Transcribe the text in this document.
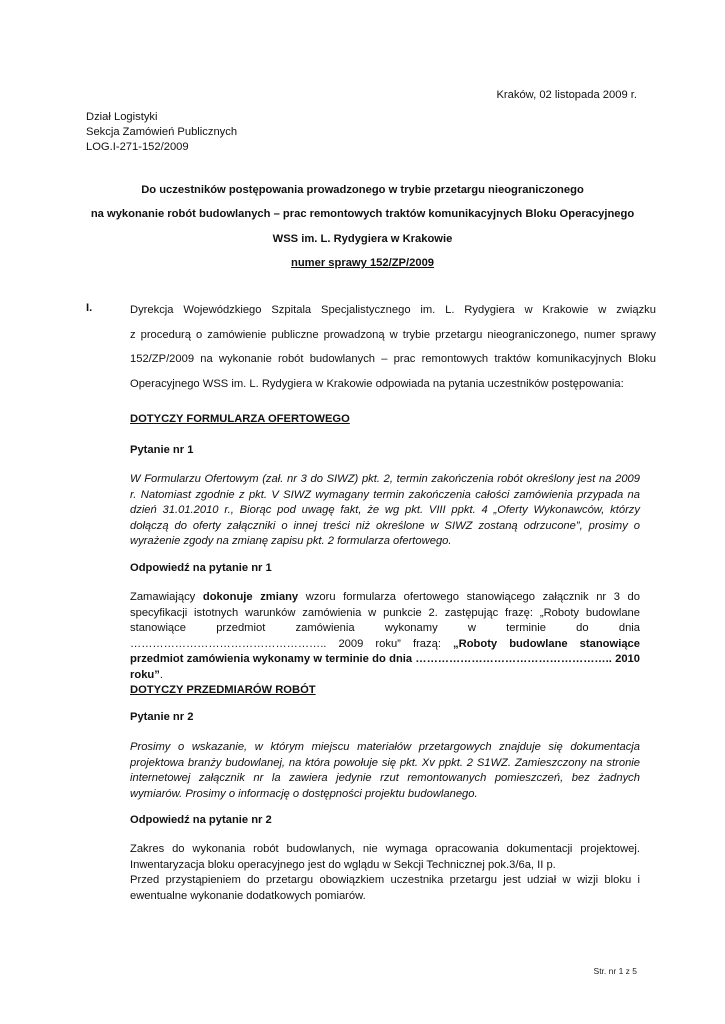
Kraków, 02 listopada 2009 r.
Dział Logistyki
Sekcja Zamówień Publicznych
LOG.I-271-152/2009
Do uczestników postępowania prowadzonego w trybie przetargu nieograniczonego
na wykonanie robót budowlanych – prac remontowych traktów komunikacyjnych Bloku Operacyjnego
WSS im. L. Rydygiera w Krakowie
numer sprawy 152/ZP/2009
I.	Dyrekcja Wojewódzkiego Szpitala Specjalistycznego im. L. Rydygiera w Krakowie w związku
z procedurą o zamówienie publiczne prowadzoną w trybie przetargu nieograniczonego, numer sprawy
152/ZP/2009 na wykonanie robót budowlanych – prac remontowych traktów komunikacyjnych Bloku
Operacyjnego WSS im. L. Rydygiera w Krakowie odpowiada na pytania uczestników postępowania:
DOTYCZY FORMULARZA OFERTOWEGO
Pytanie nr 1

W Formularzu Ofertowym (zał. nr 3 do SIWZ) pkt. 2, termin zakończenia robót określony jest na 2009 r. Natomiast zgodnie z pkt. V SIWZ wymagany termin zakończenia całości zamówienia przypada na dzień 31.01.2010 r., Biorąc pod uwagę fakt, że wg pkt. VIII ppkt. 4 „Oferty Wykonawców, którzy dołączą do oferty załączniki o innej treści niż określone w SIWZ zostaną odrzucone”, prosimy o wyrażenie zgody na zmianę zapisu pkt. 2 formularza ofertowego.

Odpowiedź na pytanie nr 1

Zamawiający dokonuje zmiany wzoru formularza ofertowego stanowiącego załącznik nr 3 do specyfikacji istotnych warunków zamówienia w punkcie 2. zastępując frazę: „Roboty budowlane stanowiące przedmiot zamówienia wykonamy w terminie do dnia …………………………………………….. 2009 roku” frazą: „Roboty budowlane stanowiące przedmiot zamówienia wykonamy w terminie do dnia …………………………………………….. 2010 roku”.

DOTYCZY PRZEDMIARÓW ROBÓT
Pytanie nr 2

Prosimy o wskazanie, w którym miejscu materiałów przetargowych znajduje się dokumentacja projektowa branży budowlanej, na która powołuje się pkt. Xv ppkt. 2 S1WZ. Zamieszczony na stronie internetowej załącznik nr la zawiera jedynie rzut remontowanych pomieszczeń, bez żadnych wymiarów. Prosimy o informację o dostępności projektu budowlanego.

Odpowiedź na pytanie nr 2

Zakres do wykonania robót budowlanych, nie wymaga opracowania dokumentacji projektowej. Inwentaryzacja bloku operacyjnego jest do wglądu w Sekcji Technicznej pok.3/6a, II p.

Przed przystąpieniem do przetargu obowiązkiem uczestnika przetargu jest udział w wizji bloku i ewentualne wykonanie dodatkowych pomiarów.

Str. nr 1 z 5
